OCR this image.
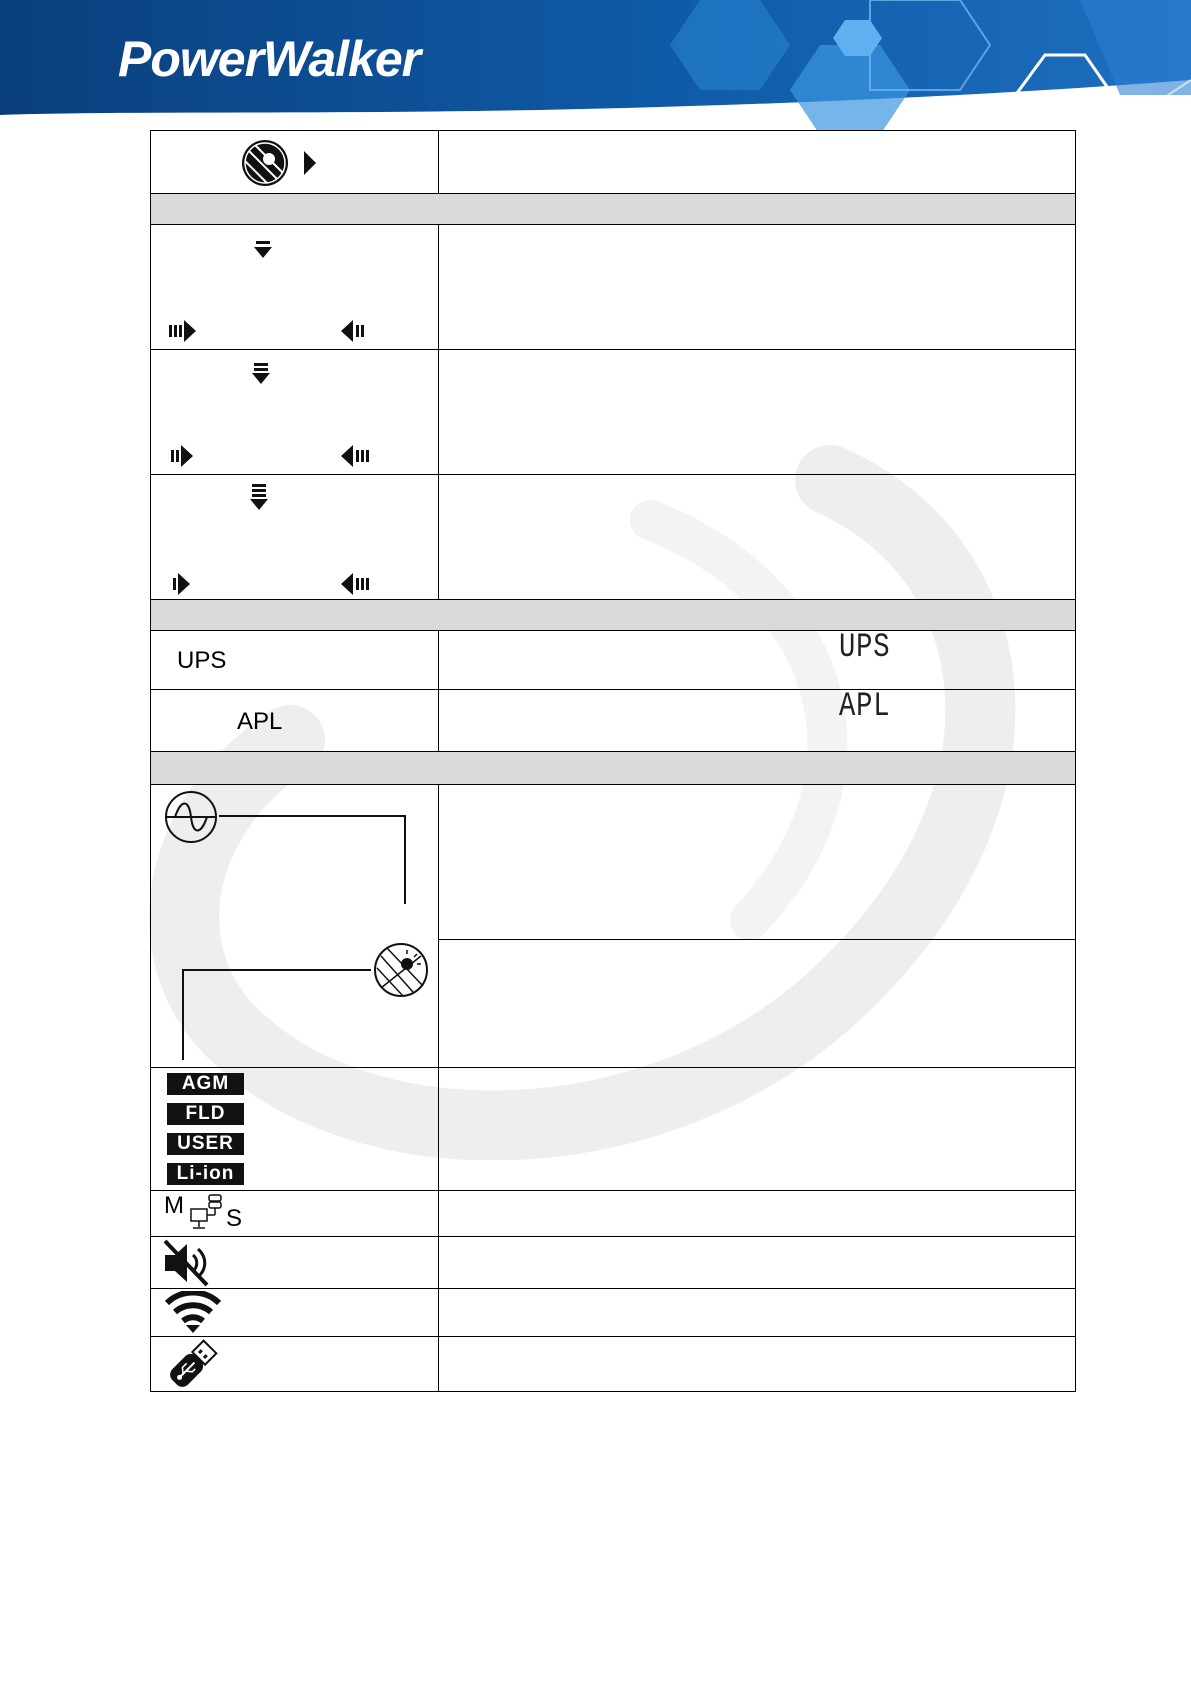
PowerWalker

UPS	UPS

APL	APL

AGM
FLD
USER
Li-ion	

M S	
